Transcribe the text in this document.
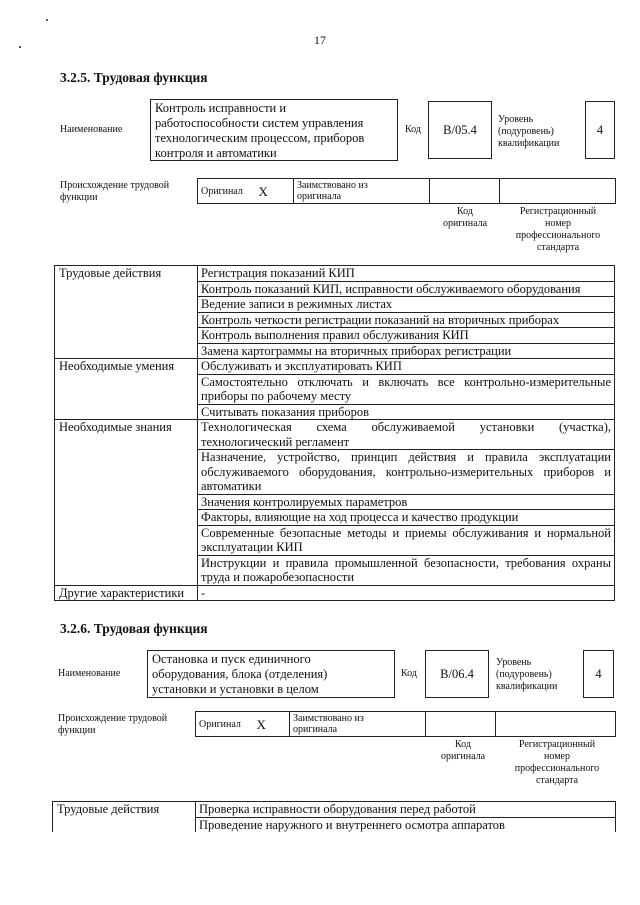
17
3.2.5. Трудовая функция
Наименование
Контроль исправности и
работоспособности систем управления
технологическим процессом, приборов
контроля и автоматики
Код В/05.4
Уровень
(подуровень)
квалификации
4
Происхождение трудовой
функции
Оригинал	X	Заимствовано из
оригинала

Код
оригинала
Регистрационный
номер
профессионального
стандарта
Трудовые действия	Регистрация показаний КИП
	Контроль показаний КИП, исправности обслуживаемого оборудования
	Ведение записи в режимных листах
	Контроль четкости регистрации показаний на вторичных приборах
	Контроль выполнения правил обслуживания КИП
	Замена картограммы на вторичных приборах регистрации
Необходимые умения	Обслуживать и эксплуатировать КИП
	Самостоятельно отключать и включать все контрольно-измерительные приборы по рабочему месту
	Считывать показания приборов
Необходимые знания	Технологическая схема обслуживаемой установки (участка), технологический регламент
	Назначение, устройство, принцип действия и правила эксплуатации обслуживаемого оборудования, контрольно-измерительных приборов и автоматики
	Значения контролируемых параметров
	Факторы, влияющие на ход процесса и качество продукции
	Современные безопасные методы и приемы обслуживания и нормальной эксплуатации КИП
	Инструкции и правила промышленной безопасности, требования охраны труда и пожаробезопасности
Другие характеристики	-
3.2.6. Трудовая функция
Наименование
Остановка и пуск единичного
оборудования, блока (отделения)
установки и установки в целом
Код В/06.4
Уровень
(подуровень)
квалификации
4
Происхождение трудовой
функции
Оригинал	X	Заимствовано из
оригинала

Код
оригинала
Регистрационный
номер
профессионального
стандарта
Трудовые действия	Проверка исправности оборудования перед работой
Проведение наружного и внутреннего осмотра аппаратов
